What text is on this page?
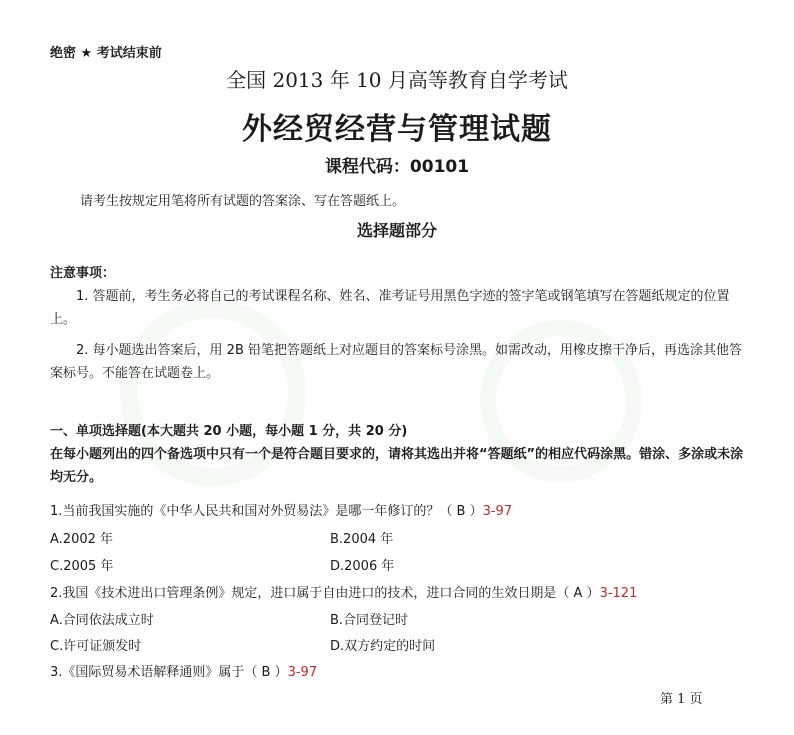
绝密 ★ 考试结束前
全国 2013 年 10 月高等教育自学考试
外经贸经营与管理试题
课程代码：00101
请考生按规定用笔将所有试题的答案涂、写在答题纸上。
选择题部分
注意事项：
1. 答题前，考生务必将自己的考试课程名称、姓名、准考证号用黑色字迹的签字笔或钢笔填写在答题纸规定的位置上。
2. 每小题选出答案后，用 2B 铅笔把答题纸上对应题目的答案标号涂黑。如需改动，用橡皮擦干净后，再选涂其他答案标号。不能答在试题卷上。
一、单项选择题(本大题共 20 小题，每小题 1 分，共 20 分)
在每小题列出的四个备选项中只有一个是符合题目要求的，请将其选出并将“答题纸”的相应代码涂黑。错涂、多涂或未涂均无分。
1.当前我国实施的《中华人民共和国对外贸易法》是哪一年修订的？（ B ）3-97
A.2002 年	B.2004 年
C.2005 年	D.2006 年
2.我国《技术进出口管理条例》规定，进口属于自由进口的技术，进口合同的生效日期是（ A ）3-121
A.合同依法成立时	B.合同登记时
C.许可证颁发时	D.双方约定的时间
3.《国际贸易术语解释通则》属于（ B ）3-97
第 1 页
